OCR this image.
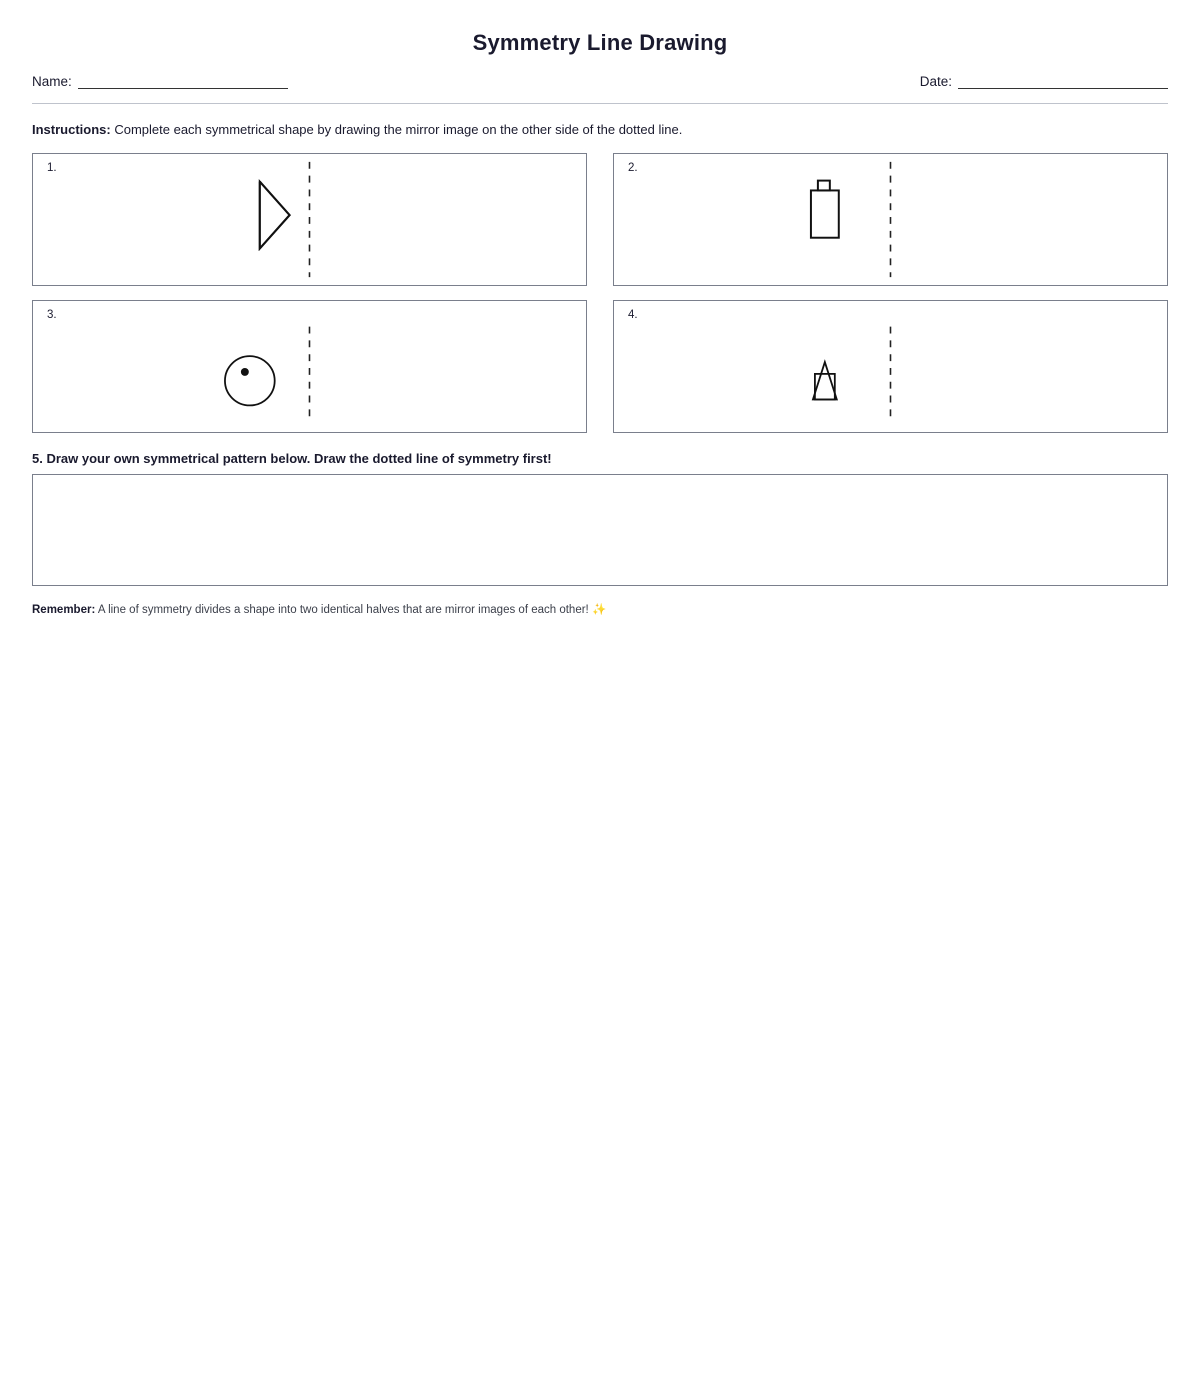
Symmetry Line Drawing
Name:	Date:
Instructions: Complete each symmetrical shape by drawing the mirror image on the other side of the dotted line.
1.	2.
3.	4.
5. Draw your own symmetrical pattern below. Draw the dotted line of symmetry first!
Remember: A line of symmetry divides a shape into two identical halves that are mirror images of each other! ✨
